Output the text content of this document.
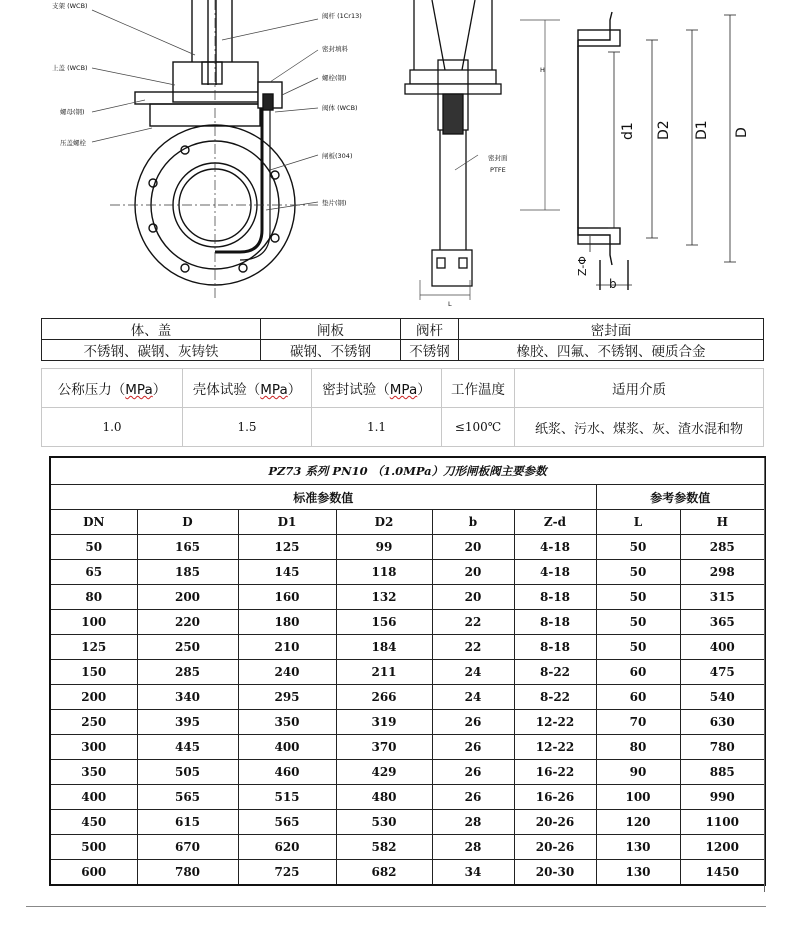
支架 (WCB)
上盖 (WCB)
螺母(钢)
压盖螺栓
阀杆 (1Cr13)
密封填料
螺栓(钢)
阀体 (WCB)
闸板(304)
垫片(钢)
密封面
PTFE
H
L
d1 D2 D1 D
Z-Φ
b
体、盖	闸板	阀杆	密封面
不锈钢、碳钢、灰铸铁	碳钢、不锈钢	不锈钢	橡胶、四氟、不锈钢、硬质合金
公称压力（MPa）	壳体试验（MPa）	密封试验（MPa）	工作温度	适用介质
1.0	1.5	1.1	≤100℃	纸浆、污水、煤浆、灰、渣水混和物
PZ73 系列 PN10 （1.0MPa）刀形闸板阀主要参数							
标准参数值						参考参数值	
DN	D	D1	D2	b	Z-d	L	H
50	165	125	99	20	4-18	50	285
65	185	145	118	20	4-18	50	298
80	200	160	132	20	8-18	50	315
100	220	180	156	22	8-18	50	365
125	250	210	184	22	8-18	50	400
150	285	240	211	24	8-22	60	475
200	340	295	266	24	8-22	60	540
250	395	350	319	26	12-22	70	630
300	445	400	370	26	12-22	80	780
350	505	460	429	26	16-22	90	885
400	565	515	480	26	16-26	100	990
450	615	565	530	28	20-26	120	1100
500	670	620	582	28	20-26	130	1200
600	780	725	682	34	20-30	130	1450
